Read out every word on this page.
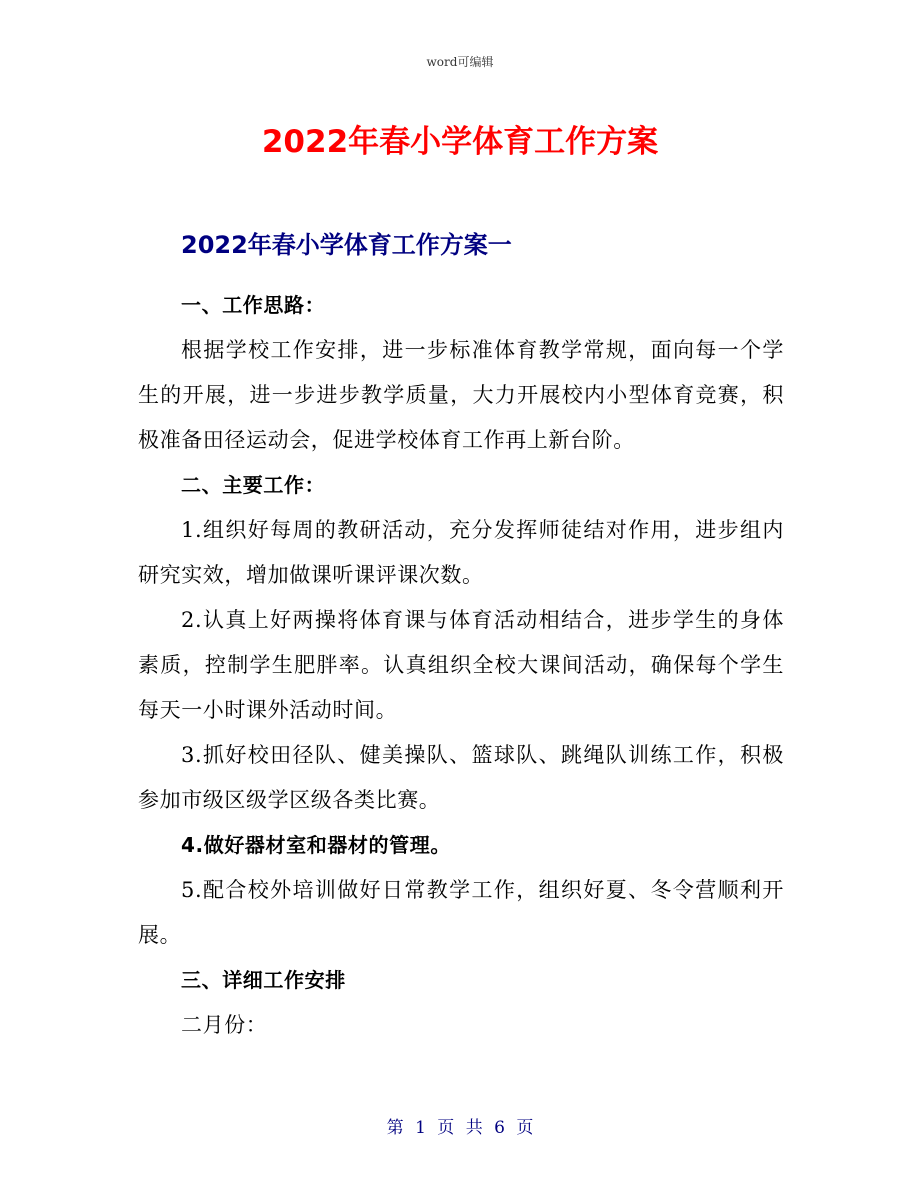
word可编辑
2022年春小学体育工作方案
2022年春小学体育工作方案一

一、工作思路：

根据学校工作安排，进一步标准体育教学常规，面向每一个学生的开展，进一步进步教学质量，大力开展校内小型体育竞赛，积极准备田径运动会，促进学校体育工作再上新台阶。

二、主要工作：

1.组织好每周的教研活动，充分发挥师徒结对作用，进步组内研究实效，增加做课听课评课次数。

2.认真上好两操将体育课与体育活动相结合，进步学生的身体素质，控制学生肥胖率。认真组织全校大课间活动，确保每个学生每天一小时课外活动时间。

3.抓好校田径队、健美操队、篮球队、跳绳队训练工作，积极参加市级区级学区级各类比赛。

4.做好器材室和器材的管理。

5.配合校外培训做好日常教学工作，组织好夏、冬令营顺利开展。

三、详细工作安排

二月份：

第 1 页 共 6 页
